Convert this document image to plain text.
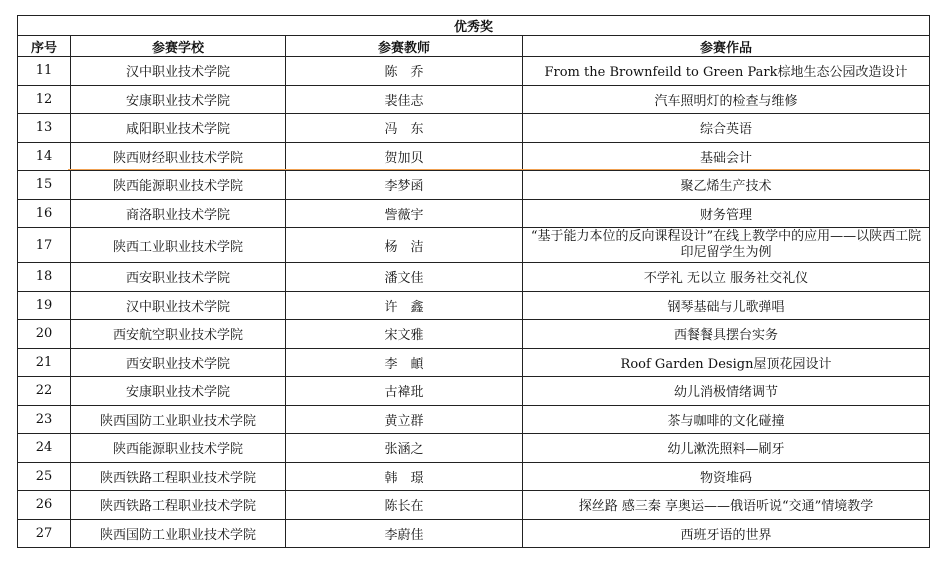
优秀奖			
序号	参赛学校	参赛教师	参赛作品
11	汉中职业技术学院	陈　乔	From the Brownfeild to Green Park棕地生态公园改造设计
12	安康职业技术学院	裴佳志	汽车照明灯的检查与维修
13	咸阳职业技术学院	冯　东	综合英语
14	陕西财经职业技术学院	贺加贝	基础会计
15	陕西能源职业技术学院	李梦函	聚乙烯生产技术
16	商洛职业技术学院	訾薇宇	财务管理
17	陕西工业职业技术学院	杨　洁	“基于能力本位的反向课程设计”在线上教学中的应用——以陕西工院印尼留学生为例
18	西安职业技术学院	潘文佳	不学礼 无以立 服务社交礼仪
19	汉中职业技术学院	许　鑫	钢琴基础与儿歌弹唱
20	西安航空职业技术学院	宋文雅	西餐餐具摆台实务
21	西安职业技术学院	李　頔	Roof Garden Design屋顶花园设计
22	安康职业技术学院	古褘玭	幼儿消极情绪调节
23	陕西国防工业职业技术学院	黄立群	茶与咖啡的文化碰撞
24	陕西能源职业技术学院	张涵之	幼儿漱洗照料—刷牙
25	陕西铁路工程职业技术学院	韩　璟	物资堆码
26	陕西铁路工程职业技术学院	陈长在	探丝路 感三秦 享奥运——俄语听说“交通”情境教学
27	陕西国防工业职业技术学院	李蔚佳	西班牙语的世界
